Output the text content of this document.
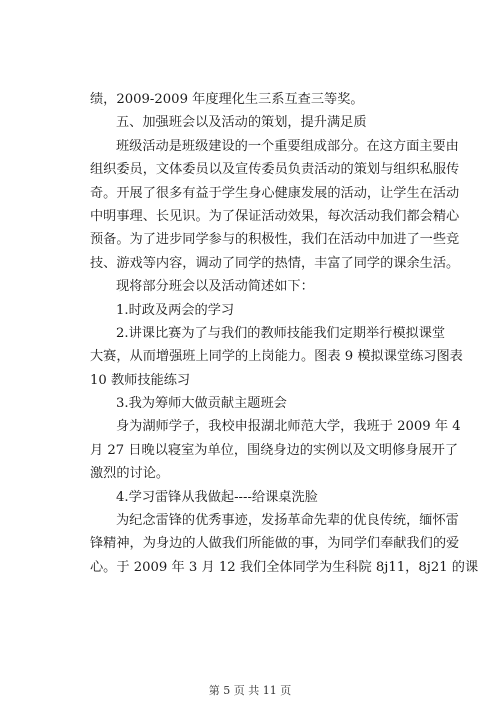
绩，2009-2009 年度理化生三系互查三等奖。
五、加强班会以及活动的策划，提升满足质
班级活动是班级建设的一个重要组成部分。在这方面主要由
组织委员，文体委员以及宣传委员负责活动的策划与组织私服传
奇。开展了很多有益于学生身心健康发展的活动，让学生在活动
中明事理、长见识。为了保证活动效果，每次活动我们都会精心
预备。为了进步同学参与的积极性，我们在活动中加进了一些竞
技、游戏等内容，调动了同学的热情，丰富了同学的课余生活。
现将部分班会以及活动简述如下：
1.时政及两会的学习
2.讲课比赛为了与我们的教师技能我们定期举行模拟课堂
大赛，从而增强班上同学的上岗能力。图表 9 模拟课堂练习图表
10 教师技能练习
3.我为筹师大做贡献主题班会
身为湖师学子，我校申报湖北师范大学，我班于 2009 年 4
月 27 日晚以寝室为单位，围绕身边的实例以及文明修身展开了
激烈的讨论。
4.学习雷锋从我做起----给课桌洗脸
为纪念雷锋的优秀事迹，发扬革命先辈的优良传统，缅怀雷
锋精神，为身边的人做我们所能做的事，为同学们奉献我们的爱
心。于 2009 年 3 月 12 我们全体同学为生科院 8j11，8j21 的课
第 5 页 共 11 页
